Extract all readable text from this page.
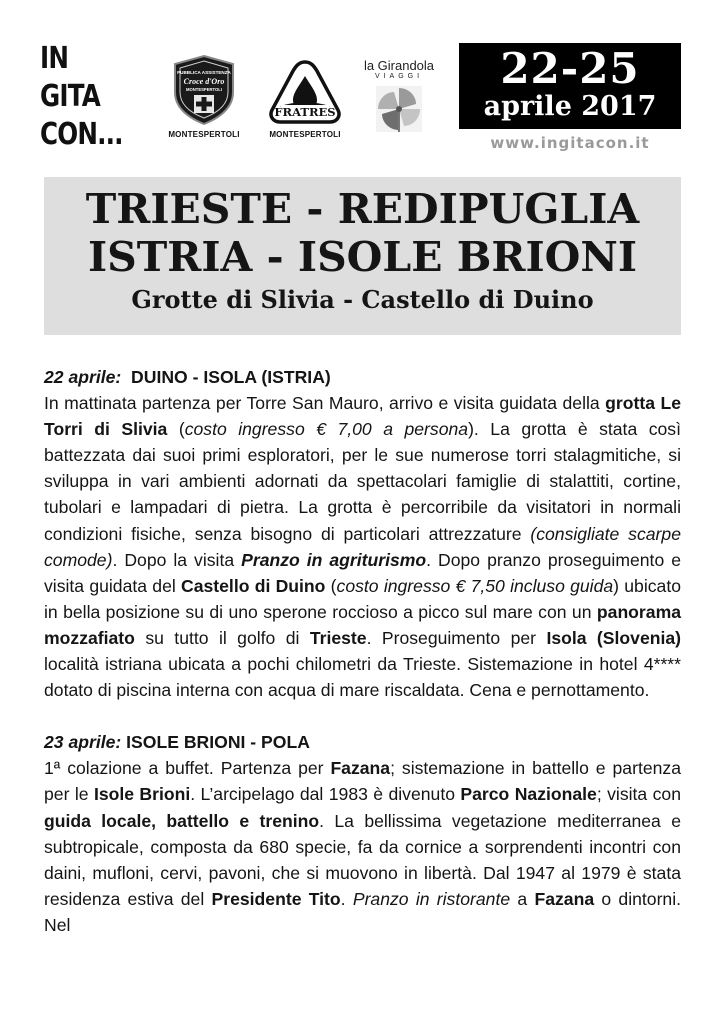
IN
GITA
CON...
PUBBLICA ASSISTENZA
Croce d'Oro
MONTESPERTOLI
MONTESPERTOLI
FRATRES
MONTESPERTOLI
la Girandola
VIAGGI	22-25
aprile 2017
www.ingitacon.it
TRIESTE - REDIPUGLIA
ISTRIA - ISOLE BRIONI
Grotte di Slivia - Castello di Duino
22 aprile: DUINO - ISOLA (ISTRIA)
In mattinata partenza per Torre San Mauro, arrivo e visita guidata della grotta Le Torri di Slivia (costo ingresso € 7,00 a persona). La grotta è stata così battezzata dai suoi primi esploratori, per le sue numerose torri stalagmitiche, si sviluppa in vari ambienti adornati da spettacolari famiglie di stalattiti, cortine, tubolari e lampadari di pietra. La grotta è percorribile da visitatori in normali condizioni fisiche, senza bisogno di particolari attrezzature (consigliate scarpe comode). Dopo la visita Pranzo in agriturismo. Dopo pranzo proseguimento e visita guidata del Castello di Duino (costo ingresso € 7,50 incluso guida) ubicato in bella posizione su di uno sperone roccioso a picco sul mare con un panorama mozzafiato su tutto il golfo di Trieste. Proseguimento per Isola (Slovenia) località istriana ubicata a pochi chilometri da Trieste. Sistemazione in hotel 4**** dotato di piscina interna con acqua di mare riscaldata. Cena e pernottamento.
23 aprile: ISOLE BRIONI - POLA
1ª colazione a buffet. Partenza per Fazana; sistemazione in battello e partenza per le Isole Brioni. L’arcipelago dal 1983 è divenuto Parco Nazionale; visita con guida locale, battello e trenino. La bellissima vegetazione mediterranea e subtropicale, composta da 680 specie, fa da cornice a sorprendenti incontri con daini, mufloni, cervi, pavoni, che si muovono in libertà. Dal 1947 al 1979 è stata residenza estiva del Presidente Tito. Pranzo in ristorante a Fazana o dintorni. Nel
